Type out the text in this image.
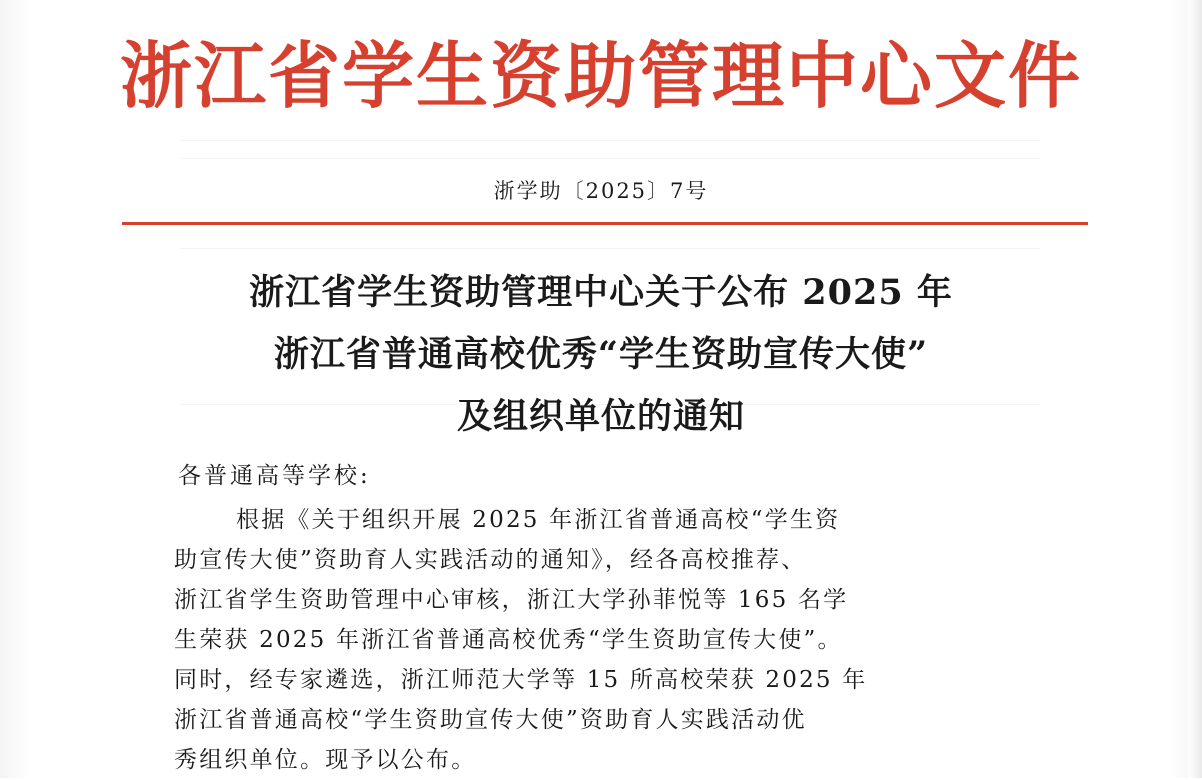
浙江省学生资助管理中心文件
浙学助〔2025〕7号
浙江省学生资助管理中心关于公布 2025 年
浙江省普通高校优秀“学生资助宣传大使”
及组织单位的通知
各普通高等学校:
根据《关于组织开展 2025 年浙江省普通高校“学生资
助宣传大使”资助育人实践活动的通知》，经各高校推荐、
浙江省学生资助管理中心审核，浙江大学孙菲悦等 165 名学
生荣获 2025 年浙江省普通高校优秀“学生资助宣传大使”。
同时，经专家遴选，浙江师范大学等 15 所高校荣获 2025 年
浙江省普通高校“学生资助宣传大使”资助育人实践活动优
秀组织单位。现予以公布。
